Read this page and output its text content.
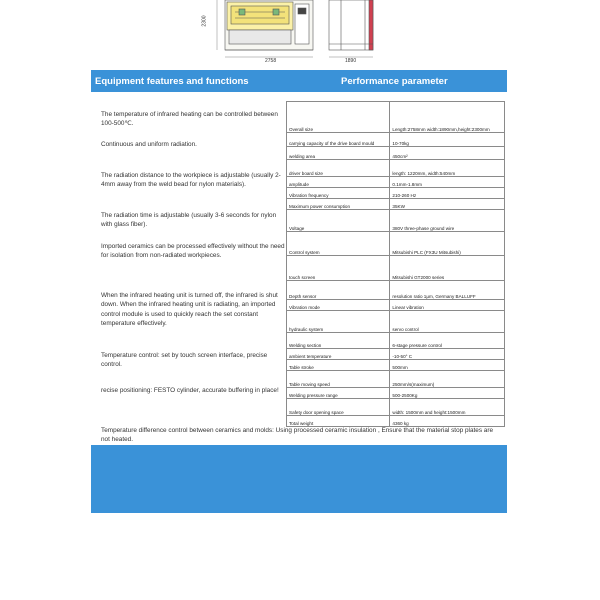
2300
2758	1890
Equipment features and functions	Performance parameter

The temperature of infrared heating can be controlled between 100-500℃.

Continuous and uniform radiation.

The radiation distance to the workpiece is adjustable (usually 2-4mm away from the weld bead for nylon materials).

The radiation time is adjustable (usually 3-6 seconds for nylon with glass fiber).

Imported ceramics can be processed effectively without the need for isolation from non-radiated workpieces.

When the infrared heating unit is turned off, the infrared is shut down. When the infrared heating unit is radiating, an imported control module is used to quickly reach the set constant temperature effectively.

Temperature control: set by touch screen interface, precise control.

recise positioning: FESTO cylinder, accurate buffering in place!

Temperature difference control between ceramics and molds: Using processed ceramic insulation , Ensure that the material stop plates are not heated.
Overall size	Length:2758mm width:1890mm,height:2300mm
carrying capacity of the drive board mould	10-70kg
welding area	450cm²
driver board size	length: 1220mm, width:540mm
amplitude	0.1mm-1.8mm
Vibration frequency	210-260 Hz
Maximum power consumption	35KW
Voltage	380V three-phase ground wire
Control system	Mitsubishi PLC (FX3U Mitsubishi)
touch screen	Mitsubishi GT2000 series
Depth sensor	resolution ratio 1μm, Germany BALLUFF
Vibration mode	Linear vibration
hydraulic system	servo control
Welding section	6-stage pressure control
ambient temperature	-10-50° C
Table stroke	500mm
Table moving speed	250mm/s(maximum)
Welding pressure range	500-2500Kg
Safety door opening space	width: 1500mm and height:1500mm
Total weight	4360 kg
